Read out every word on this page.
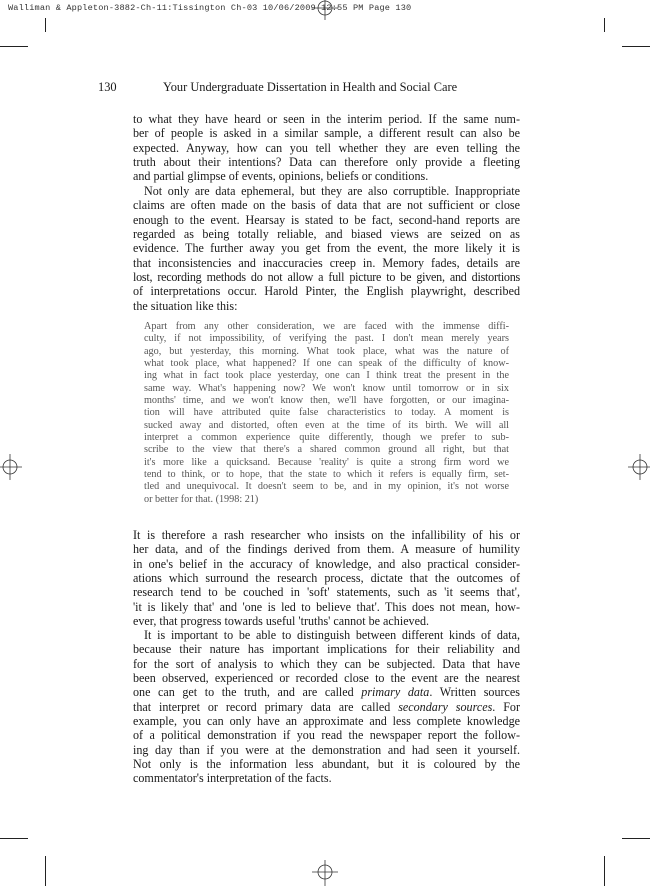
Walliman & Appleton-3882-Ch-11:Tissington Ch-03 10/06/2009 12:55 PM Page 130
130	Your Undergraduate Dissertation in Health and Social Care
to what they have heard or seen in the interim period. If the same num-
ber of people is asked in a similar sample, a different result can also be
expected. Anyway, how can you tell whether they are even telling the
truth about their intentions? Data can therefore only provide a fleeting
and partial glimpse of events, opinions, beliefs or conditions.
Not only are data ephemeral, but they are also corruptible. Inappropriate
claims are often made on the basis of data that are not sufficient or close
enough to the event. Hearsay is stated to be fact, second-hand reports are
regarded as being totally reliable, and biased views are seized on as
evidence. The further away you get from the event, the more likely it is
that inconsistencies and inaccuracies creep in. Memory fades, details are
lost, recording methods do not allow a full picture to be given, and distortions
of interpretations occur. Harold Pinter, the English playwright, described
the situation like this:
Apart from any other consideration, we are faced with the immense diffi-
culty, if not impossibility, of verifying the past. I don't mean merely years
ago, but yesterday, this morning. What took place, what was the nature of
what took place, what happened? If one can speak of the difficulty of know-
ing what in fact took place yesterday, one can I think treat the present in the
same way. What's happening now? We won't know until tomorrow or in six
months' time, and we won't know then, we'll have forgotten, or our imagina-
tion will have attributed quite false characteristics to today. A moment is
sucked away and distorted, often even at the time of its birth. We will all
interpret a common experience quite differently, though we prefer to sub-
scribe to the view that there's a shared common ground all right, but that
it's more like a quicksand. Because 'reality' is quite a strong firm word we
tend to think, or to hope, that the state to which it refers is equally firm, set-
tled and unequivocal. It doesn't seem to be, and in my opinion, it's not worse
or better for that. (1998: 21)
It is therefore a rash researcher who insists on the infallibility of his or
her data, and of the findings derived from them. A measure of humility
in one's belief in the accuracy of knowledge, and also practical consider-
ations which surround the research process, dictate that the outcomes of
research tend to be couched in 'soft' statements, such as 'it seems that',
'it is likely that' and 'one is led to believe that'. This does not mean, how-
ever, that progress towards useful 'truths' cannot be achieved.
It is important to be able to distinguish between different kinds of data,
because their nature has important implications for their reliability and
for the sort of analysis to which they can be subjected. Data that have
been observed, experienced or recorded close to the event are the nearest
one can get to the truth, and are called primary data. Written sources
that interpret or record primary data are called secondary sources. For
example, you can only have an approximate and less complete knowledge
of a political demonstration if you read the newspaper report the follow-
ing day than if you were at the demonstration and had seen it yourself.
Not only is the information less abundant, but it is coloured by the
commentator's interpretation of the facts.
